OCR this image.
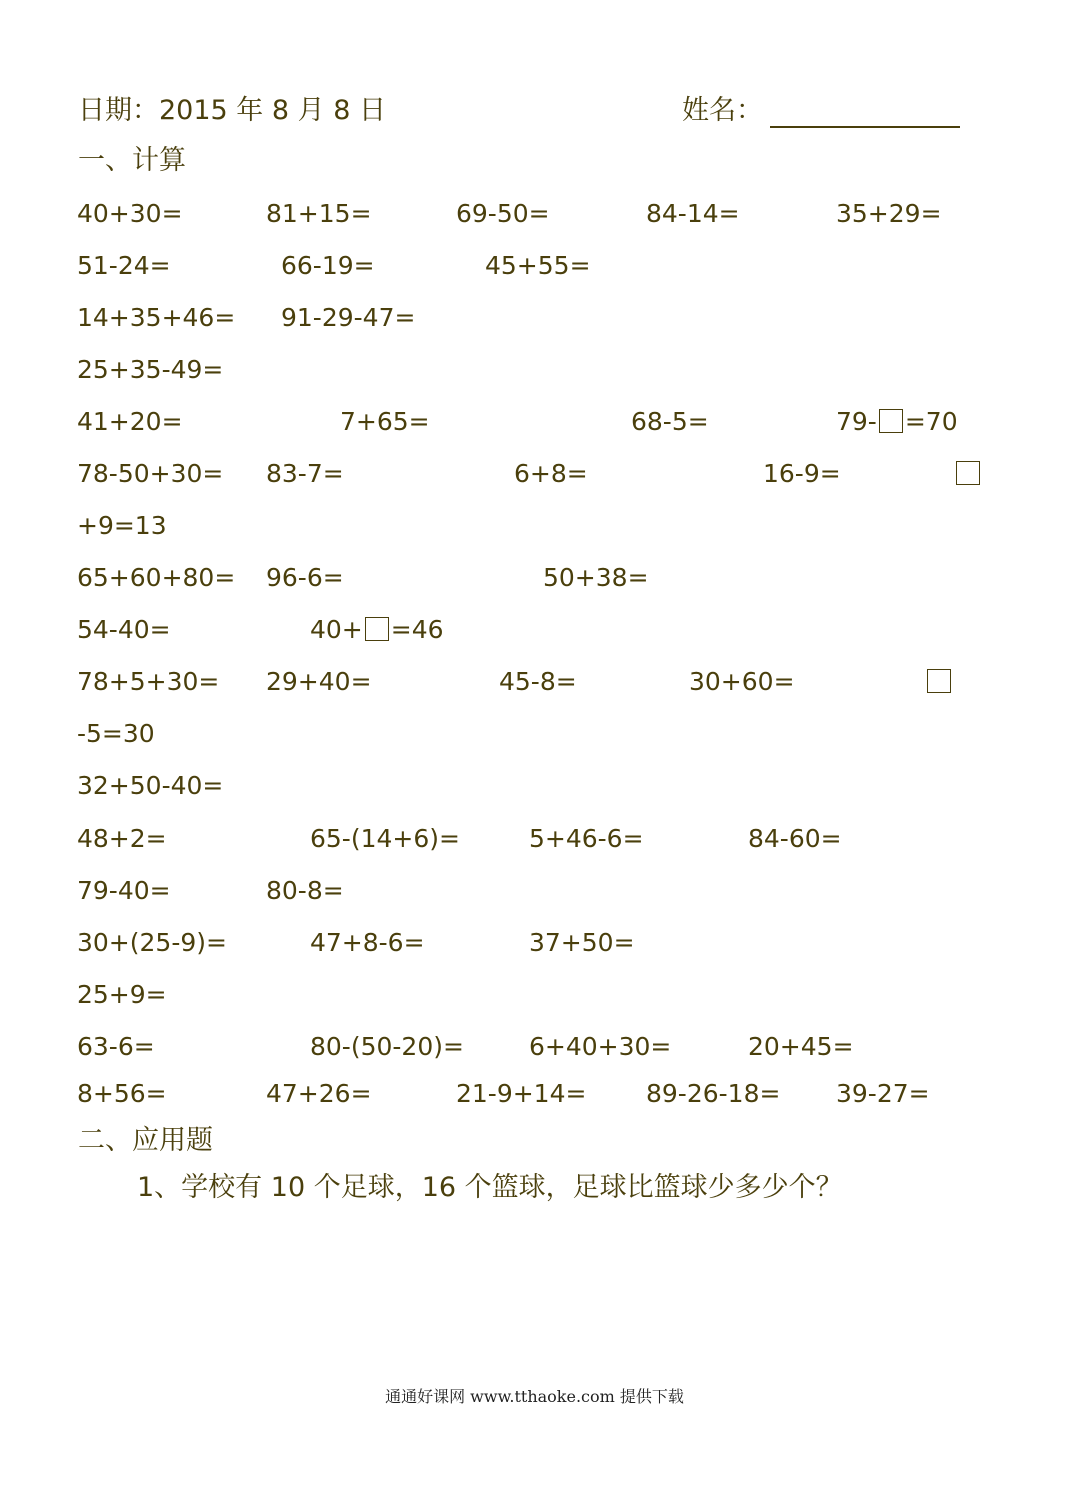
日期：2015 年 8 月 8 日	姓名：
一、计算
40+30=	81+15=	69-50=	84-14=	35+29=
51-24=	66-19=	45+55=
14+35+46= 91-29-47=
25+35-49=
41+20=	7+65=	68-5=	79- =70
78-50+30= 83-7=	6+8=	16-9=
+9=13
65+60+80= 96-6=	50+38=
54-40=	40+ =46
78+5+30= 29+40=	45-8=	30+60=
-5=30
32+50-40=
48+2=	65-(14+6)=	5+46-6=	84-60=
79-40=	80-8=
30+(25-9)=	47+8-6=	37+50=
25+9=
63-6=	80-(50-20)=	6+40+30=	20+45=
8+56=	47+26=	21-9+14= 89-26-18= 39-27=
二、应用题
1、学校有 10 个足球，16 个篮球，足球比篮球少多少个？
通通好课网 www.tthaoke.com 提供下载
